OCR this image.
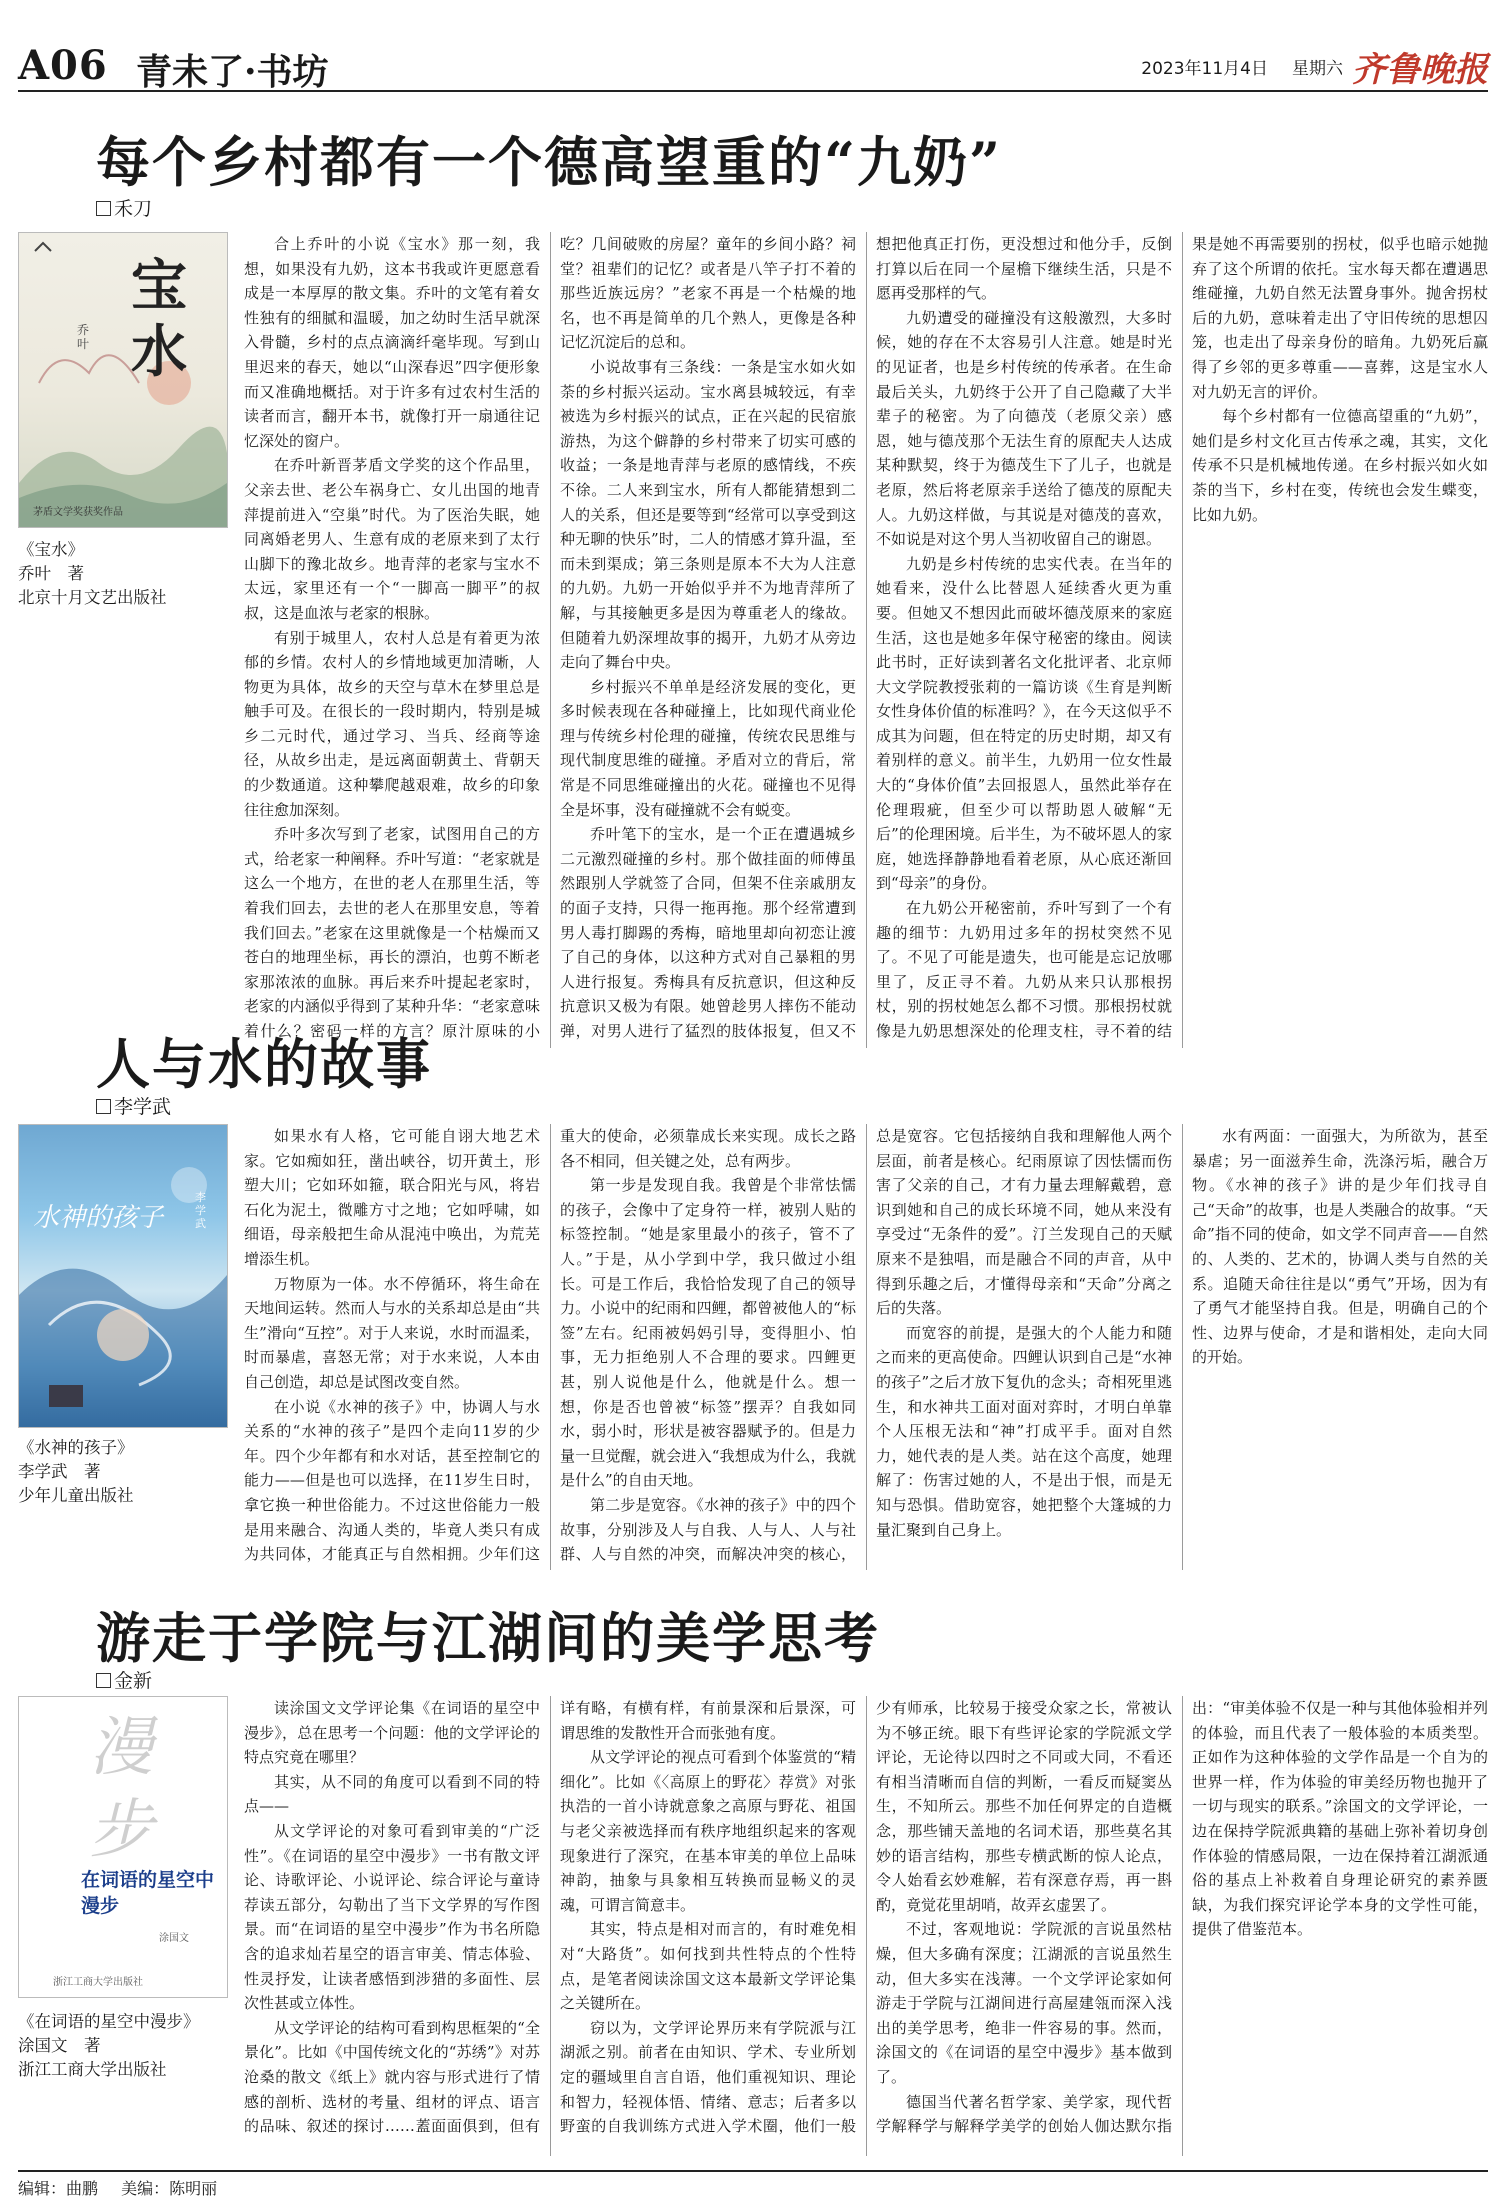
A06 青未了·书坊	2023年11月4日 星期六 齐鲁晚报
每个乡村都有一个德高望重的“九奶”
禾刀
宝水
乔叶
茅盾文学奖获奖作品
《宝水》
乔叶　著
北京十月文艺出版社

合上乔叶的小说《宝水》那一刻，我想，如果没有九奶，这本书我或许更愿意看成是一本厚厚的散文集。乔叶的文笔有着女性独有的细腻和温暖，加之幼时生活早就深入骨髓，乡村的点点滴滴纤毫毕现。写到山里迟来的春天，她以“山深春迟”四字便形象而又准确地概括。对于许多有过农村生活的读者而言，翻开本书，就像打开一扇通往记忆深处的窗户。

在乔叶新晋茅盾文学奖的这个作品里，父亲去世、老公车祸身亡、女儿出国的地青萍提前进入“空巢”时代。为了医治失眠，她同离婚老男人、生意有成的老原来到了太行山脚下的豫北故乡。地青萍的老家与宝水不太远，家里还有一个“一脚高一脚平”的叔叔，这是血浓与老家的根脉。

有别于城里人，农村人总是有着更为浓郁的乡情。农村人的乡情地域更加清晰，人物更为具体，故乡的天空与草木在梦里总是触手可及。在很长的一段时期内，特别是城乡二元时代，通过学习、当兵、经商等途径，从故乡出走，是远离面朝黄土、背朝天的少数通道。这种攀爬越艰难，故乡的印象往往愈加深刻。

乔叶多次写到了老家，试图用自己的方式，给老家一种阐释。乔叶写道：“老家就是这么一个地方，在世的老人在那里生活，等着我们回去，去世的老人在那里安息，等着我们回去。”老家在这里就像是一个枯燥而又苍白的地理坐标，再长的漂泊，也剪不断老家那浓浓的血脉。再后来乔叶提起老家时，老家的内涵似乎得到了某种升华：“老家意味着什么？密码一样的方言？原汁原味的小吃？几间破败的房屋？童年的乡间小路？祠堂？祖辈们的记忆？或者是八竿子打不着的那些近族远房？”老家不再是一个枯燥的地名，也不再是简单的几个熟人，更像是各种记忆沉淀后的总和。

小说故事有三条线：一条是宝水如火如荼的乡村振兴运动。宝水离县城较远，有幸被选为乡村振兴的试点，正在兴起的民宿旅游热，为这个僻静的乡村带来了切实可感的收益；一条是地青萍与老原的感情线，不疾不徐。二人来到宝水，所有人都能猜想到二人的关系，但还是要等到“经常可以享受到这种无聊的快乐”时，二人的情感才算升温，至而未到渠成；第三条则是原本不大为人注意的九奶。九奶一开始似乎并不为地青萍所了解，与其接触更多是因为尊重老人的缘故。但随着九奶深埋故事的揭开，九奶才从旁边走向了舞台中央。

乡村振兴不单单是经济发展的变化，更多时候表现在各种碰撞上，比如现代商业伦理与传统乡村伦理的碰撞，传统农民思维与现代制度思维的碰撞。矛盾对立的背后，常常是不同思维碰撞出的火花。碰撞也不见得全是坏事，没有碰撞就不会有蜕变。

乔叶笔下的宝水，是一个正在遭遇城乡二元激烈碰撞的乡村。那个做挂面的师傅虽然跟别人学就签了合同，但架不住亲戚朋友的面子支持，只得一拖再拖。那个经常遭到男人毒打脚踢的秀梅，暗地里却向初恋让渡了自己的身体，以这种方式对自己暴粗的男人进行报复。秀梅具有反抗意识，但这种反抗意识又极为有限。她曾趁男人摔伤不能动弹，对男人进行了猛烈的肢体报复，但又不想把他真正打伤，更没想过和他分手，反倒打算以后在同一个屋檐下继续生活，只是不愿再受那样的气。

九奶遭受的碰撞没有这般激烈，大多时候，她的存在不太容易引人注意。她是时光的见证者，也是乡村传统的传承者。在生命最后关头，九奶终于公开了自己隐藏了大半辈子的秘密。为了向德茂（老原父亲）感恩，她与德茂那个无法生育的原配夫人达成某种默契，终于为德茂生下了儿子，也就是老原，然后将老原亲手送给了德茂的原配夫人。九奶这样做，与其说是对德茂的喜欢，不如说是对这个男人当初收留自己的谢恩。

九奶是乡村传统的忠实代表。在当年的她看来，没什么比替恩人延续香火更为重要。但她又不想因此而破坏德茂原来的家庭生活，这也是她多年保守秘密的缘由。阅读此书时，正好读到著名文化批评者、北京师大文学院教授张莉的一篇访谈《生育是判断女性身体价值的标准吗？》，在今天这似乎不成其为问题，但在特定的历史时期，却又有着别样的意义。前半生，九奶用一位女性最大的“身体价值”去回报恩人，虽然此举存在伦理瑕疵，但至少可以帮助恩人破解“无后”的伦理困境。后半生，为不破坏恩人的家庭，她选择静静地看着老原，从心底还渐回到“母亲”的身份。

在九奶公开秘密前，乔叶写到了一个有趣的细节：九奶用过多年的拐杖突然不见了。不见了可能是遗失，也可能是忘记放哪里了，反正寻不着。九奶从来只认那根拐杖，别的拐杖她怎么都不习惯。那根拐杖就像是九奶思想深处的伦理支柱，寻不着的结果是她不再需要别的拐杖，似乎也暗示她抛弃了这个所谓的依托。宝水每天都在遭遇思维碰撞，九奶自然无法置身事外。抛舍拐杖后的九奶，意味着走出了守旧传统的思想囚笼，也走出了母亲身份的暗角。九奶死后赢得了乡邻的更多尊重——喜葬，这是宝水人对九奶无言的评价。

每个乡村都有一位德高望重的“九奶”，她们是乡村文化亘古传承之魂，其实，文化传承不只是机械地传递。在乡村振兴如火如荼的当下，乡村在变，传统也会发生蝶变，比如九奶。

人与水的故事
李学武
水神的孩子
李学武
《水神的孩子》
李学武　著
少年儿童出版社

如果水有人格，它可能自诩大地艺术家。它如痴如狂，凿出峡谷，切开黄土，形塑大川；它如环如箍，联合阳光与风，将岩石化为泥土，微雕方寸之地；它如呼啸，如细语，母亲般把生命从混沌中唤出，为荒芜增添生机。

万物原为一体。水不停循环，将生命在天地间运转。然而人与水的关系却总是由“共生”滑向“互控”。对于人来说，水时而温柔，时而暴虐，喜怒无常；对于水来说，人本由自己创造，却总是试图改变自然。

在小说《水神的孩子》中，协调人与水关系的“水神的孩子”是四个走向11岁的少年。四个少年都有和水对话，甚至控制它的能力——但是也可以选择，在11岁生日时，拿它换一种世俗能力。不过这世俗能力一般是用来融合、沟通人类的，毕竟人类只有成为共同体，才能真正与自然相拥。少年们这重大的使命，必须靠成长来实现。成长之路各不相同，但关键之处，总有两步。

第一步是发现自我。我曾是个非常怯懦的孩子，会像中了定身符一样，被别人贴的标签控制。“她是家里最小的孩子，管不了人。”于是，从小学到中学，我只做过小组长。可是工作后，我恰恰发现了自己的领导力。小说中的纪雨和四鲤，都曾被他人的“标签”左右。纪雨被妈妈引导，变得胆小、怕事，无力拒绝别人不合理的要求。四鲤更甚，别人说他是什么，他就是什么。想一想，你是否也曾被“标签”摆弄？自我如同水，弱小时，形状是被容器赋予的。但是力量一旦觉醒，就会进入“我想成为什么，我就是什么”的自由天地。

第二步是宽容。《水神的孩子》中的四个故事，分别涉及人与自我、人与人、人与社群、人与自然的冲突，而解决冲突的核心，总是宽容。它包括接纳自我和理解他人两个层面，前者是核心。纪雨原谅了因怯懦而伤害了父亲的自己，才有力量去理解戴碧，意识到她和自己的成长环境不同，她从来没有享受过“无条件的爱”。汀兰发现自己的天赋原来不是独唱，而是融合不同的声音，从中得到乐趣之后，才懂得母亲和“天命”分离之后的失落。

而宽容的前提，是强大的个人能力和随之而来的更高使命。四鲤认识到自己是“水神的孩子”之后才放下复仇的念头；奇相死里逃生，和水神共工面对面对弈时，才明白单靠个人压根无法和“神”打成平手。面对自然力，她代表的是人类。站在这个高度，她理解了：伤害过她的人，不是出于恨，而是无知与恐惧。借助宽容，她把整个大篷城的力量汇聚到自己身上。

水有两面：一面强大，为所欲为，甚至暴虐；另一面滋养生命，洗涤污垢，融合万物。《水神的孩子》讲的是少年们找寻自己“天命”的故事，也是人类融合的故事。“天命”指不同的使命，如文学不同声音——自然的、人类的、艺术的，协调人类与自然的关系。追随天命往往是以“勇气”开场，因为有了勇气才能坚持自我。但是，明确自己的个性、边界与使命，才是和谐相处，走向大同的开始。

游走于学院与江湖间的美学思考
金新
漫步
在词语的星空中漫步
涂国文
浙江工商大学出版社
《在词语的星空中漫步》
涂国文　著
浙江工商大学出版社

读涂国文文学评论集《在词语的星空中漫步》，总在思考一个问题：他的文学评论的特点究竟在哪里？

其实，从不同的角度可以看到不同的特点——

从文学评论的对象可看到审美的“广泛性”。《在词语的星空中漫步》一书有散文评论、诗歌评论、小说评论、综合评论与童诗荐读五部分，勾勒出了当下文学界的写作图景。而“在词语的星空中漫步”作为书名所隐含的追求灿若星空的语言审美、情志体验、性灵抒发，让读者感悟到涉猎的多面性、层次性甚或立体性。

从文学评论的结构可看到构思框架的“全景化”。比如《中国传统文化的“苏绣”》对苏沧桑的散文《纸上》就内容与形式进行了情感的剖析、选材的考量、组材的评点、语言的品味、叙述的探讨……蓋面面俱到，但有详有略，有横有样，有前景深和后景深，可谓思维的发散性开合而张弛有度。

从文学评论的视点可看到个体鉴赏的“精细化”。比如《〈高原上的野花〉荐赏》对张执浩的一首小诗就意象之高原与野花、祖国与老父亲被选择而有秩序地组织起来的客观现象进行了深究，在基本审美的单位上品味神韵，抽象与具象相互转换而显畅义的灵魂，可谓言简意丰。

其实，特点是相对而言的，有时难免相对“大路货”。如何找到共性特点的个性特点，是笔者阅读涂国文这本最新文学评论集之关键所在。

窃以为，文学评论界历来有学院派与江湖派之别。前者在由知识、学术、专业所划定的疆域里自言自语，他们重视知识、理论和智力，轻视体悟、情绪、意志；后者多以野蛮的自我训练方式进入学术圈，他们一般少有师承，比较易于接受众家之长，常被认为不够正统。眼下有些评论家的学院派文学评论，无论待以四时之不同或大同，不看还有相当清晰而自信的判断，一看反而疑窦丛生，不知所云。那些不加任何界定的自造概念，那些铺天盖地的名词术语，那些莫名其妙的语言结构，那些专横武断的惊人论点，令人始看玄妙难解，若有深意存焉，再一斟酌，竟觉花里胡哨，故弄玄虚罢了。

不过，客观地说：学院派的言说虽然枯燥，但大多确有深度；江湖派的言说虽然生动，但大多实在浅薄。一个文学评论家如何游走于学院与江湖间进行高屋建瓴而深入浅出的美学思考，绝非一件容易的事。然而，涂国文的《在词语的星空中漫步》基本做到了。

德国当代著名哲学家、美学家，现代哲学解释学与解释学美学的创始人伽达默尔指出：“审美体验不仅是一种与其他体验相并列的体验，而且代表了一般体验的本质类型。正如作为这种体验的文学作品是一个自为的世界一样，作为体验的审美经历物也抛开了一切与现实的联系。”涂国文的文学评论，一边在保持学院派典籍的基础上弥补着切身创作体验的情感局限，一边在保持着江湖派通俗的基点上补救着自身理论研究的素养匮缺，为我们探究评论学本身的文学性可能，提供了借鉴范本。

编辑：曲鹏 美编：陈明丽
